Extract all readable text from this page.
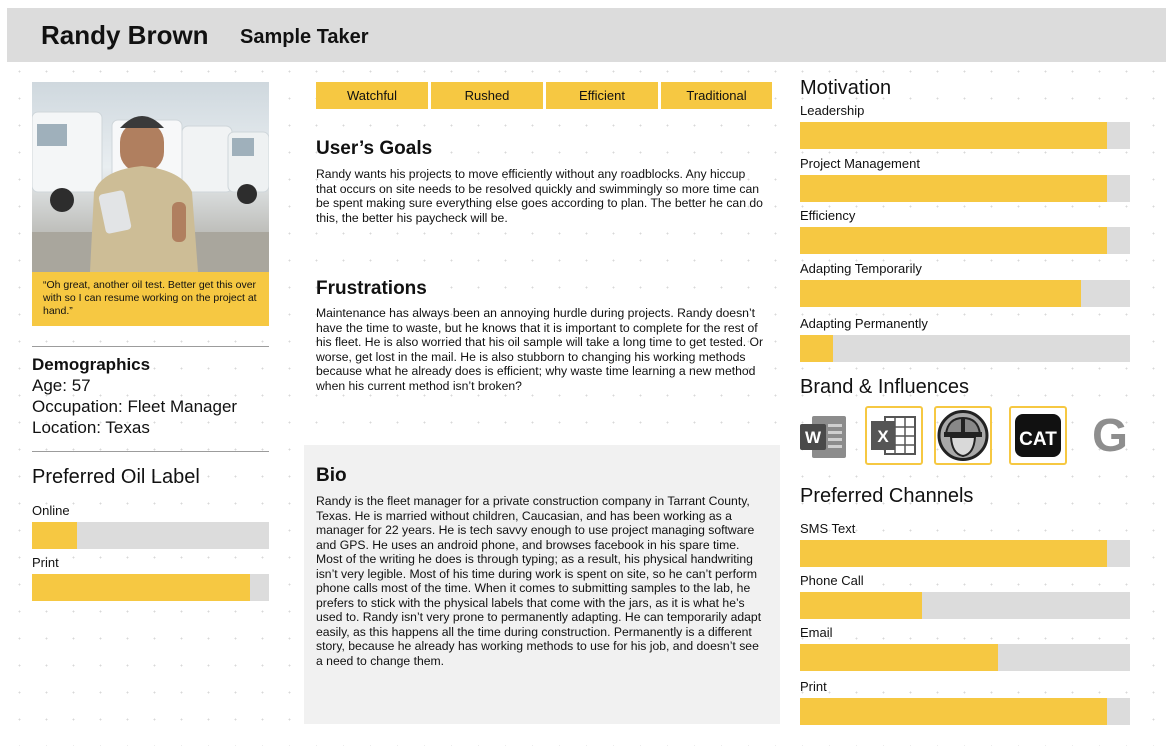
Randy Brown Sample Taker
“Oh great, another oil test. Better get this over with so I can resume working on the project at hand.”
Demographics
Age: 57
Occupation: Fleet Manager
Location: Texas
Preferred Oil Label
Online
Print
Watchful	Rushed	Efficient	Traditional
User’s Goals
Randy wants his projects to move efficiently without any roadblocks. Any hiccup that occurs on site needs to be resolved quickly and swimmingly so more time can be spent making sure everything else goes according to plan. The better he can do this, the better his paycheck will be.
Frustrations
Maintenance has always been an annoying hurdle during projects. Randy doesn’t have the time to waste, but he knows that it is important to complete for the rest of his fleet. He is also worried that his oil sample will take a long time to get tested. Or worse, get lost in the mail. He is also stubborn to changing his working methods because what he already does is efficient; why waste time learning a new method when his current method isn’t broken?
Bio
Randy is the fleet manager for a private construction company in Tarrant County, Texas. He is married without children, Caucasian, and has been working as a manager for 22 years. He is tech savvy enough to use project managing software and GPS. He uses an android phone, and browses facebook in his spare time. Most of the writing he does is through typing; as a result, his physical handwriting isn’t very legible. Most of his time during work is spent on site, so he can’t perform phone calls most of the time. When it comes to submitting samples to the lab, he prefers to stick with the physical labels that come with the jars, as it is what he’s used to. Randy isn’t very prone to permanently adapting. He can temporarily adapt easily, as this happens all the time during construction. Permanently is a different story, because he already has working methods to use for his job, and doesn’t see a need to change them.
Motivation
Leadership
Project Management
Efficiency
Adapting Temporarily
Adapting Permanently
Brand & Influences
W	X	CAT G
Preferred Channels
SMS Text
Phone Call
Email
Print
